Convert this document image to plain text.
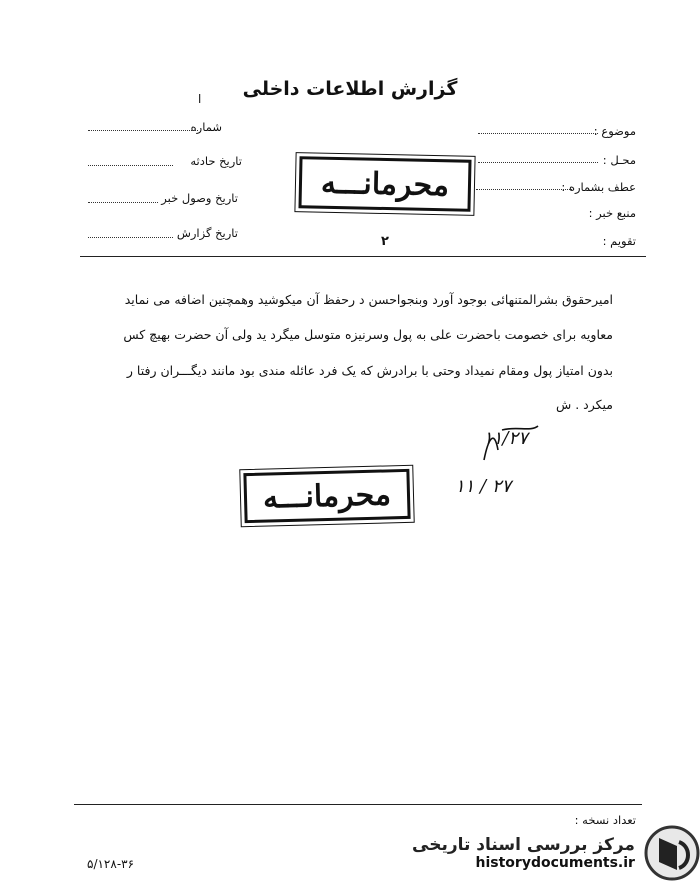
گزارش اطلاعات داخلی
ا
شماره
تاریخ حادثه
تاریخ وصول خبر
تاریخ گزارش
موضوع :
محـل :
عطف بشماره :
منبع خبر :
تقویم :
محرمانـــه
۲
امیرحقوق بشرالمتنهائی بوجود آورد وبنجواحسن د رحفظ آن میکوشید وهمچنین اضافه می نماید
معاویه برای خصومت باحضرت علی به پول وسرنیزه متوسل میگرد ید ولی آن حضرت بهیچ کس
بدون امتیاز پول ومقام نمیداد وحتی با برادرش که یک فرد عائله مندی بود مانند دیگـــران رفتا ر
میکرد . ش
۱۱/۲۷
محرمانـــه	۱۱ / ۲۷
تعداد نسخه :
۵/۱۲۸-۳۶
مرکز بررسی اسناد تاریخی
historydocuments.ir
